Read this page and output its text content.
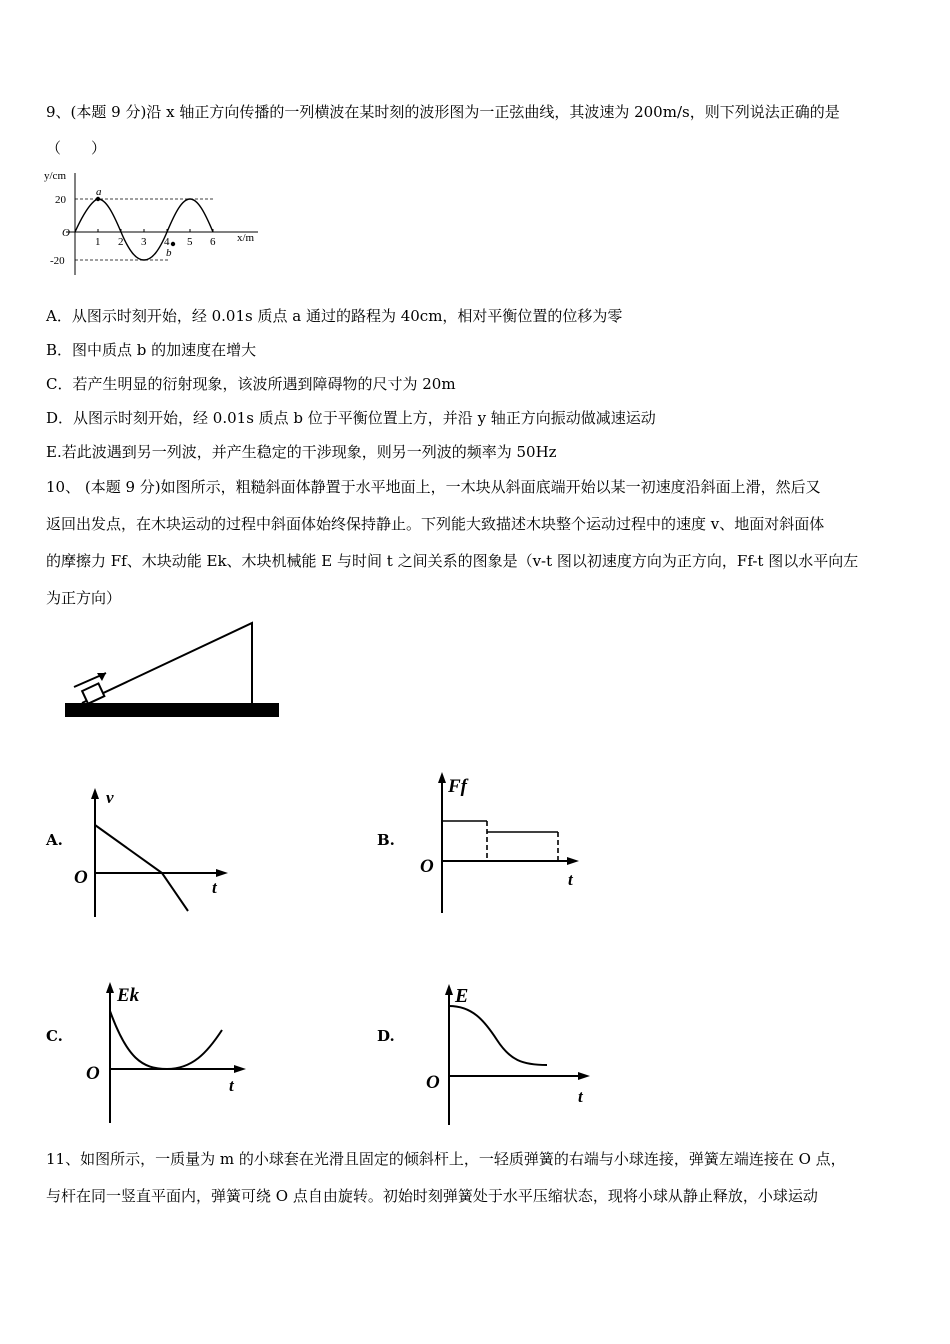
9、(本题 9 分)沿 x 轴正方向传播的一列横波在某时刻的波形图为一正弦曲线，其波速为 200m/s，则下列说法正确的是
（　　）
y/cm
x/m
O
20
-20
1 2 3 4 5 6
a
b
A．从图示时刻开始，经 0.01s 质点 a 通过的路程为 40cm，相对平衡位置的位移为零
B．图中质点 b 的加速度在增大
C．若产生明显的衍射现象，该波所遇到障碍物的尺寸为 20m
D．从图示时刻开始，经 0.01s 质点 b 位于平衡位置上方，并沿 y 轴正方向振动做减速运动
E.若此波遇到另一列波，并产生稳定的干涉现象，则另一列波的频率为 50Hz
10、 (本题 9 分)如图所示，粗糙斜面体静置于水平地面上，一木块从斜面底端开始以某一初速度沿斜面上滑，然后又
返回出发点，在木块运动的过程中斜面体始终保持静止。下列能大致描述木块整个运动过程中的速度 v、地面对斜面体
的摩擦力 Ff、木块动能 Ek、木块机械能 E 与时间 t 之间关系的图象是（v-t 图以初速度方向为正方向，Ff-t 图以水平向左
为正方向）
A.
v
t
O
B.
Ff
t
O
C.
Ek
t
O
D.
E
t
O
11、如图所示，一质量为 m 的小球套在光滑且固定的倾斜杆上，一轻质弹簧的右端与小球连接，弹簧左端连接在 O 点，
与杆在同一竖直平面内，弹簧可绕 O 点自由旋转。初始时刻弹簧处于水平压缩状态，现将小球从静止释放，小球运动
